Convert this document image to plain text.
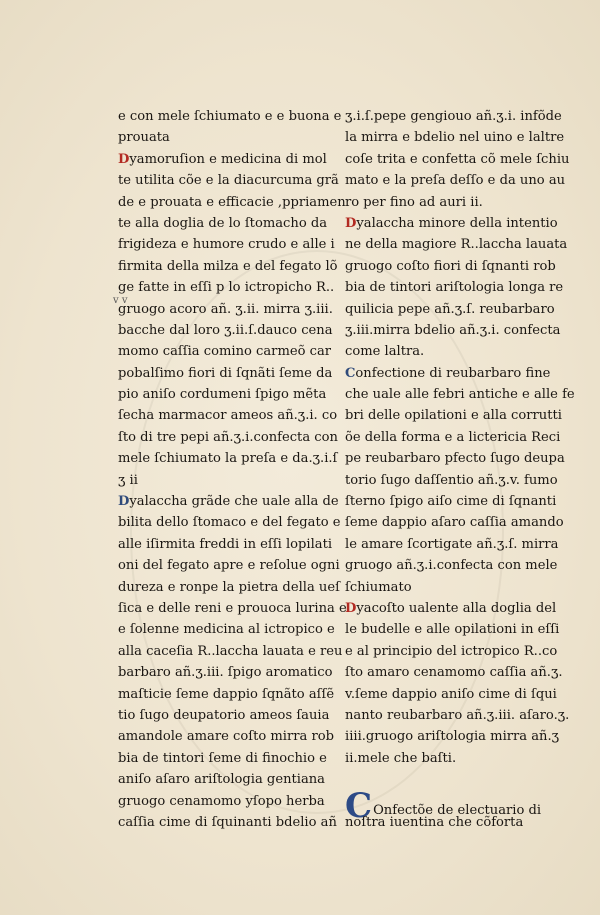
v v
e con mele ſchiumato e e buona e
prouata
Dyamoruſion e medicina di mol
te utilita cõe e la diacurcuma grã
de e prouata e efficacie ,ppriamen
te alla doglia de lo ſtomacho da
frigideza e humore crudo e alle i
firmita della milza e del fegato lõ
ge fatte in eſſi p lo ictropicho R..
gruogo acoro añ. ʒ.ii. mirra ʒ.iii.
bacche dal loro ʒ.ii.ſ.dauco cena
momo caſſia comino carmeõ car
pobalſimo fiori di ſqnãti ſeme da
pio aniſo cordumeni ſpigo mẽta
ſecha marmacor ameos añ.ʒ.i. co
ſto di tre pepi añ.ʒ.i.confecta con
mele ſchiumato la preſa e da.ʒ.i.ſ
ʒ ii
Dyalaccha grãde che uale alla de
bilita dello ſtomaco e del fegato e
alle iſirmita freddi in eſſi lopilati
oni del fegato apre e reſolue ogni
dureza e ronpe la pietra della ueſ
ſica e delle reni e prouoca lurina e
e ſolenne medicina al ictropico e
alla caceſia R..laccha lauata e reu
barbaro añ.ʒ.iii. ſpigo aromatico
maſticie ſeme dappio ſqnãto aſſẽ
tio ſugo deupatorio ameos ſauia
amandole amare coſto mirra rob
bia de tintori ſeme di finochio e
aniſo aſaro ariſtologia gentiana
gruogo cenamomo yſopo herba
caſſia cime di ſquinanti bdelio añ
ʒ.i.ſ.pepe gengiouo añ.ʒ.i. infõde
la mirra e bdelio nel uino e laltre
coſe trita e confetta cõ mele ſchiu
mato e la preſa deſſo e da uno au
ro per fino ad auri ii.
Dyalaccha minore della intentio
ne della magiore R..laccha lauata
gruogo coſto fiori di ſqnanti rob
bia de tintori ariſtologia longa re
quilicia pepe añ.ʒ.ſ. reubarbaro
ʒ.iii.mirra bdelio añ.ʒ.i. confecta
come laltra.
Confectione di reubarbaro fine
che uale alle febri antiche e alle fe
bri delle opilationi e alla corrutti
õe della forma e a lictericia Reci
pe reubarbaro pfecto ſugo deupa
torio ſugo daſſentio añ.ʒ.v. fumo
ſterno ſpigo aiſo cime di ſqnanti
ſeme dappio aſaro caſſia amando
le amare ſcortigate añ.ʒ.ſ. mirra
gruogo añ.ʒ.i.confecta con mele
ſchiumato
Dyacoſto ualente alla doglia del
le budelle e alle opilationi in eſſi
e al principio del ictropico R..co
ſto amaro cenamomo caſſia añ.ʒ.
v.ſeme dappio aniſo cime di ſqui
nanto reubarbaro añ.ʒ.iii. aſaro.ʒ.
iiii.gruogo ariſtologia mirra añ.ʒ
ii.mele che baſti.
COnfectõe de electuario di
noſtra iuentina che cõforta
